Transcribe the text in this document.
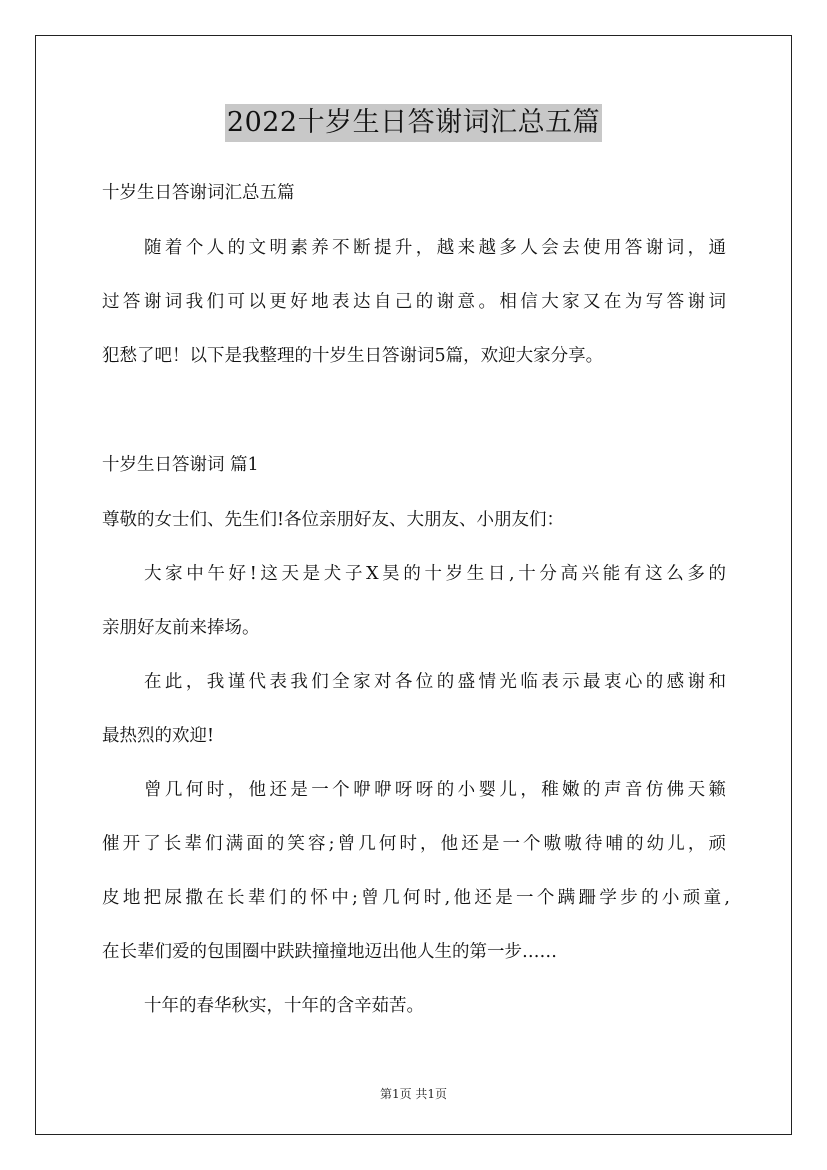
2022十岁生日答谢词汇总五篇
十岁生日答谢词汇总五篇
随着个人的文明素养不断提升，越来越多人会去使用答谢词，通
过答谢词我们可以更好地表达自己的谢意。相信大家又在为写答谢词
犯愁了吧！以下是我整理的十岁生日答谢词5篇，欢迎大家分享。
十岁生日答谢词 篇1
尊敬的女士们、先生们!各位亲朋好友、大朋友、小朋友们：
大家中午好!这天是犬子X昊的十岁生日,十分高兴能有这么多的
亲朋好友前来捧场。
在此，我谨代表我们全家对各位的盛情光临表示最衷心的感谢和
最热烈的欢迎!
曾几何时，他还是一个咿咿呀呀的小婴儿，稚嫩的声音仿佛天籁
催开了长辈们满面的笑容;曾几何时，他还是一个嗷嗷待哺的幼儿，顽
皮地把尿撒在长辈们的怀中;曾几何时,他还是一个蹒跚学步的小顽童,
在长辈们爱的包围圈中趺趺撞撞地迈出他人生的第一步……
十年的春华秋实，十年的含辛茹苦。
第1页 共1页
